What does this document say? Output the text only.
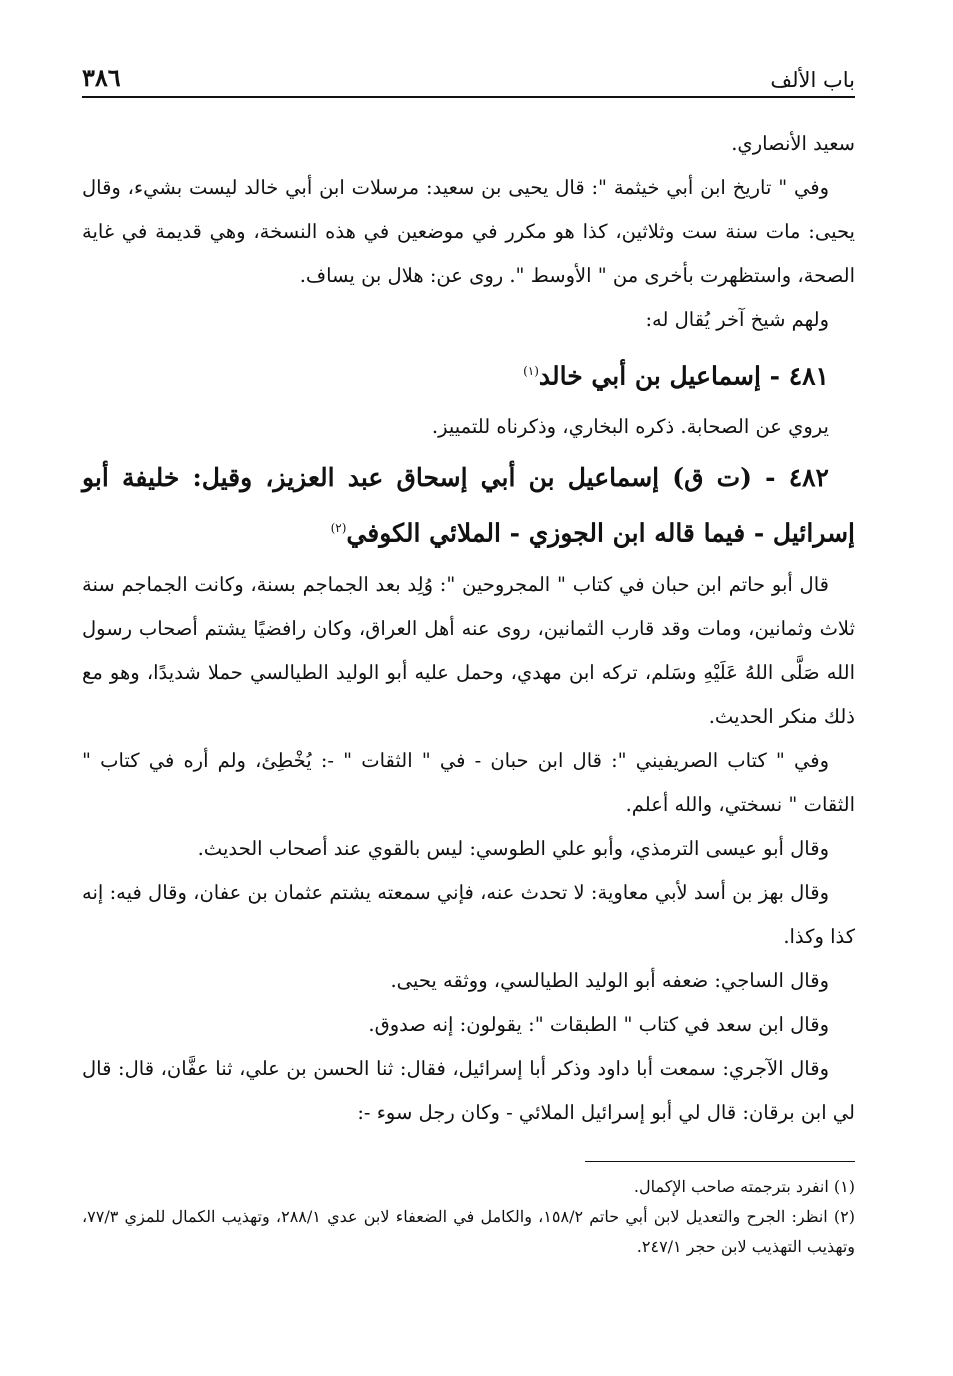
باب الألف
٣٨٦

سعيد الأنصاري.

وفي " تاريخ ابن أبي خيثمة ": قال يحيى بن سعيد: مرسلات ابن أبي خالد ليست بشيء، وقال يحيى: مات سنة ست وثلاثين، كذا هو مكرر في موضعين في هذه النسخة، وهي قديمة في غاية الصحة، واستظهرت بأخرى من " الأوسط ". روى عن: هلال بن يساف.

ولهم شيخ آخر يُقال له:

٤٨١ - إسماعيل بن أبي خالد$^{(١)}$

يروي عن الصحابة. ذكره البخاري، وذكرناه للتمييز.

٤٨٢ - (ت ق) إسماعيل بن أبي إسحاق عبد العزيز، وقيل: خليفة أبو إسرائيل - فيما قاله ابن الجوزي - الملائي الكوفي$^{(٢)}$

قال أبو حاتم ابن حبان في كتاب " المجروحين ": وُلِد بعد الجماجم بسنة، وكانت الجماجم سنة ثلاث وثمانين، ومات وقد قارب الثمانين، روى عنه أهل العراق، وكان رافضيًا يشتم أصحاب رسول الله صَلَّى اللهُ عَلَيْهِ وسَلم، تركه ابن مهدي، وحمل عليه أبو الوليد الطيالسي حملا شديدًا، وهو مع ذلك منكر الحديث.

وفي " كتاب الصريفيني ": قال ابن حبان - في " الثقات " -: يُخْطِئ، ولم أره في كتاب " الثقات " نسختي، والله أعلم.

وقال أبو عيسى الترمذي، وأبو علي الطوسي: ليس بالقوي عند أصحاب الحديث.

وقال بهز بن أسد لأبي معاوية: لا تحدث عنه، فإني سمعته يشتم عثمان بن عفان، وقال فيه: إنه كذا وكذا.

وقال الساجي: ضعفه أبو الوليد الطيالسي، ووثقه يحيى.

وقال ابن سعد في كتاب " الطبقات ": يقولون: إنه صدوق.

وقال الآجري: سمعت أبا داود وذكر أبا إسرائيل، فقال: ثنا الحسن بن علي، ثنا عفَّان، قال: قال لي ابن برقان: قال لي أبو إسرائيل الملائي - وكان رجل سوء -:

(١) انفرد بترجمته صاحب الإكمال.

(٢) انظر: الجرح والتعديل لابن أبي حاتم ١٥٨/٢، والكامل في الضعفاء لابن عدي ٢٨٨/١، وتهذيب الكمال للمزي ٧٧/٣، وتهذيب التهذيب لابن حجر ٢٤٧/١.
